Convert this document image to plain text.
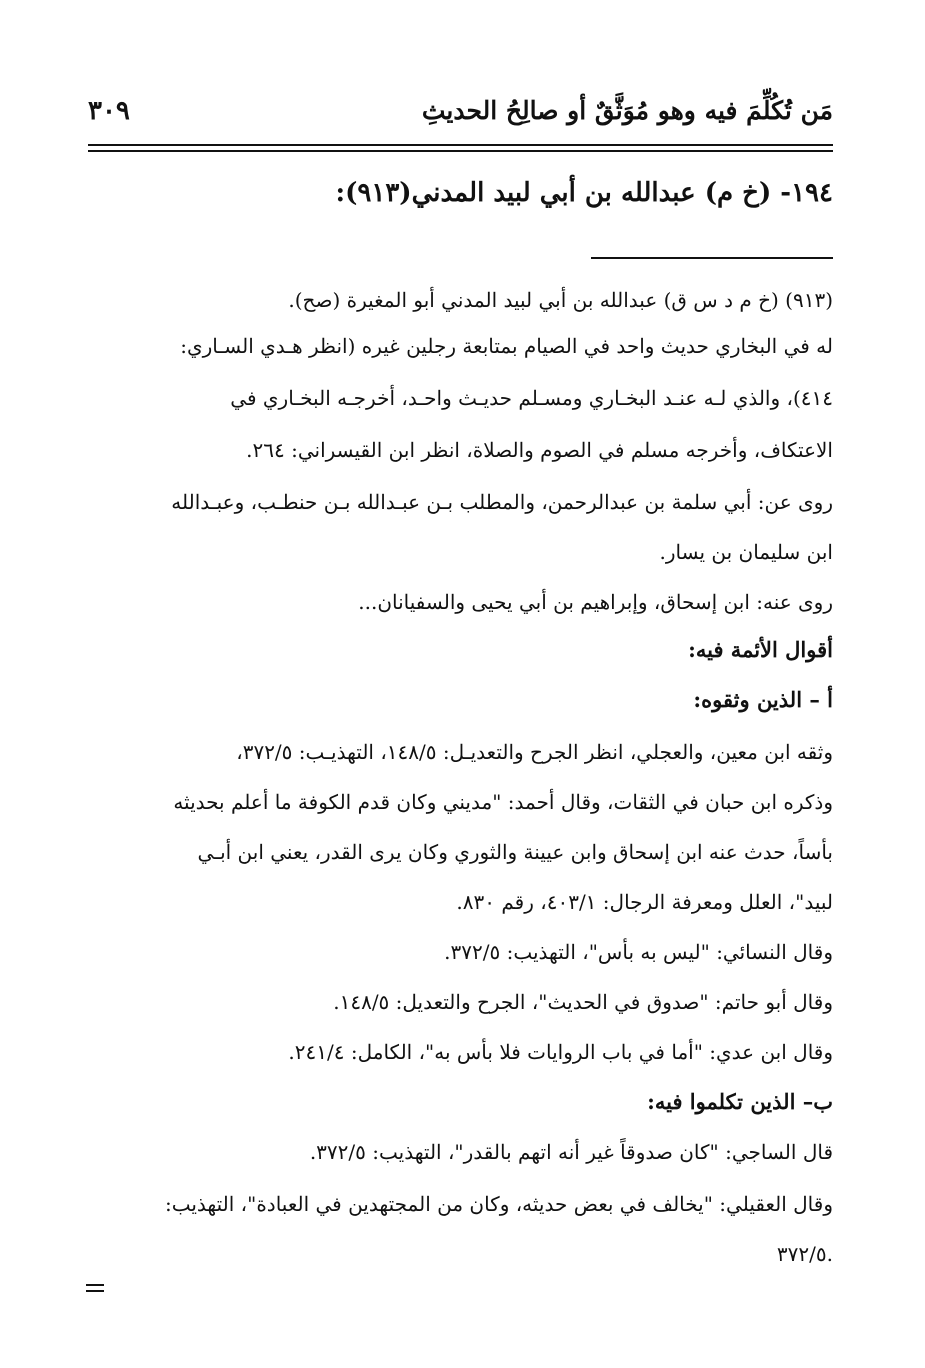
مَن تُكُلِّمَ فيه وهو مُوَثَّقٌ أو صالِحُ الحديثِ
٣٠٩
١٩٤- (خ م) عبدالله بن أبي لبيد المدني(٩١٣):
(٩١٣) (خ م د س ق) عبدالله بن أبي لبيد المدني أبو المغيرة (صح).
له في البخاري حديث واحد في الصيام بمتابعة رجلين غيره (انظر هـدي السـاري:
٤١٤)، والذي لـه عنـد البخـاري ومسـلم حديـث واحـد، أخرجـه البخـاري في
الاعتكاف، وأخرجه مسلم في الصوم والصلاة، انظر ابن القيسراني: ٢٦٤.
روى عن: أبي سلمة بن عبدالرحمن، والمطلب بـن عبـدالله بـن حنطـب، وعبـدالله
ابن سليمان بن يسار.
روى عنه: ابن إسحاق، وإبراهيم بن أبي يحيى والسفيانان...
أقوال الأئمة فيه:
أ – الذين وثقوه:
وثقه ابن معين، والعجلي، انظر الجرح والتعديـل: ١٤٨/٥، التهذيـب: ٣٧٢/٥،
وذكره ابن حبان في الثقات، وقال أحمد: "مديني وكان قدم الكوفة ما أعلم بحديثه
بأساً، حدث عنه ابن إسحاق وابن عيينة والثوري وكان يرى القدر، يعني ابن أبـي
لبيد"، العلل ومعرفة الرجال: ٤٠٣/١، رقم ٨٣٠.
وقال النسائي: "ليس به بأس"، التهذيب: ٣٧٢/٥.
وقال أبو حاتم: "صدوق في الحديث"، الجرح والتعديل: ١٤٨/٥.
وقال ابن عدي: "أما في باب الروايات فلا بأس به"، الكامل: ٢٤١/٤.
ب– الذين تكلموا فيه:
قال الساجي: "كان صدوقاً غير أنه اتهم بالقدر"، التهذيب: ٣٧٢/٥.
وقال العقيلي: "يخالف في بعض حديثه، وكان من المجتهدين في العبادة"، التهذيب:
.٣٧٢/٥
